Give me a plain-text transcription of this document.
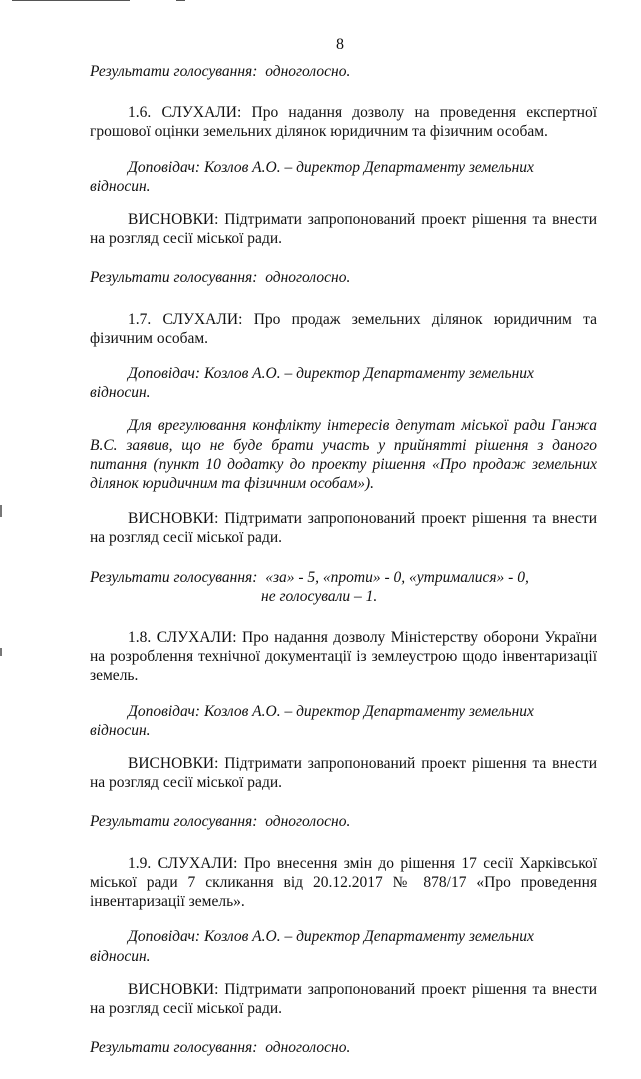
8

Результати голосування: одноголосно.

1.6. СЛУХАЛИ: Про надання дозволу на проведення експертної грошової оцінки земельних ділянок юридичним та фізичним особам.

Доповідач: Козлов А.О. – директор Департаменту земельних відносин.

ВИСНОВКИ: Підтримати запропонований проект рішення та внести на розгляд сесії міської ради.

Результати голосування: одноголосно.

1.7. СЛУХАЛИ: Про продаж земельних ділянок юридичним та фізичним особам.

Доповідач: Козлов А.О. – директор Департаменту земельних відносин.

Для врегулювання конфлікту інтересів депутат міської ради Ганжа В.С. заявив, що не буде брати участь у прийнятті рішення з даного питання (пункт 10 додатку до проекту рішення «Про продаж земельних ділянок юридичним та фізичним особам»).

ВИСНОВКИ: Підтримати запропонований проект рішення та внести на розгляд сесії міської ради.

Результати голосування: «за» - 5, «проти» - 0, «утрималися» - 0,

не голосували – 1.

1.8. СЛУХАЛИ: Про надання дозволу Міністерству оборони України на розроблення технічної документації із землеустрою щодо інвентаризації земель.

Доповідач: Козлов А.О. – директор Департаменту земельних відносин.

ВИСНОВКИ: Підтримати запропонований проект рішення та внести на розгляд сесії міської ради.

Результати голосування: одноголосно.

1.9. СЛУХАЛИ: Про внесення змін до рішення 17 сесії Харківської міської ради 7 скликання від 20.12.2017 № 878/17 «Про проведення інвентаризації земель».

Доповідач: Козлов А.О. – директор Департаменту земельних відносин.

ВИСНОВКИ: Підтримати запропонований проект рішення та внести на розгляд сесії міської ради.

Результати голосування: одноголосно.
